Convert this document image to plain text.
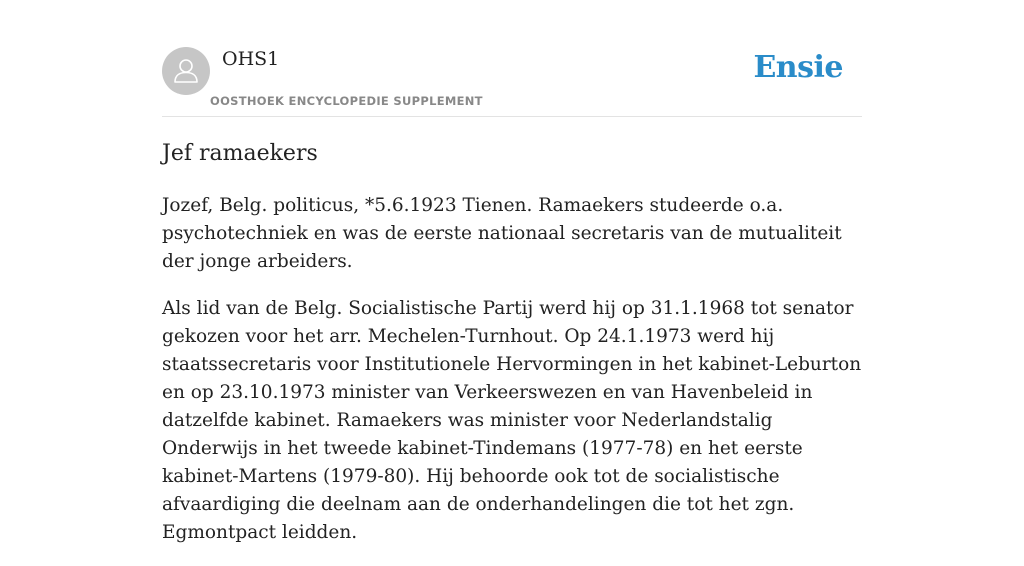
OHS1
OOSTHOEK ENCYCLOPEDIE SUPPLEMENT
Ensie
Jef ramaekers

Jozef, Belg. politicus, *5.6.1923 Tienen. Ramaekers studeerde o.a. psychotechniek en was de eerste nationaal secretaris van de mutualiteit der jonge arbeiders.

Als lid van de Belg. Socialistische Partij werd hij op 31.1.1968 tot senator gekozen voor het arr. Mechelen-Turnhout. Op 24.1.1973 werd hij staatssecretaris voor Institutionele Hervormingen in het kabinet-Leburton en op 23.10.1973 minister van Verkeerswezen en van Havenbeleid in datzelfde kabinet. Ramaekers was minister voor Nederlandstalig Onderwijs in het tweede kabinet-Tindemans (1977-78) en het eerste kabinet-Martens (1979-80). Hij behoorde ook tot de socialistische afvaardiging die deelnam aan de onderhandelingen die tot het zgn. Egmontpact leidden.
